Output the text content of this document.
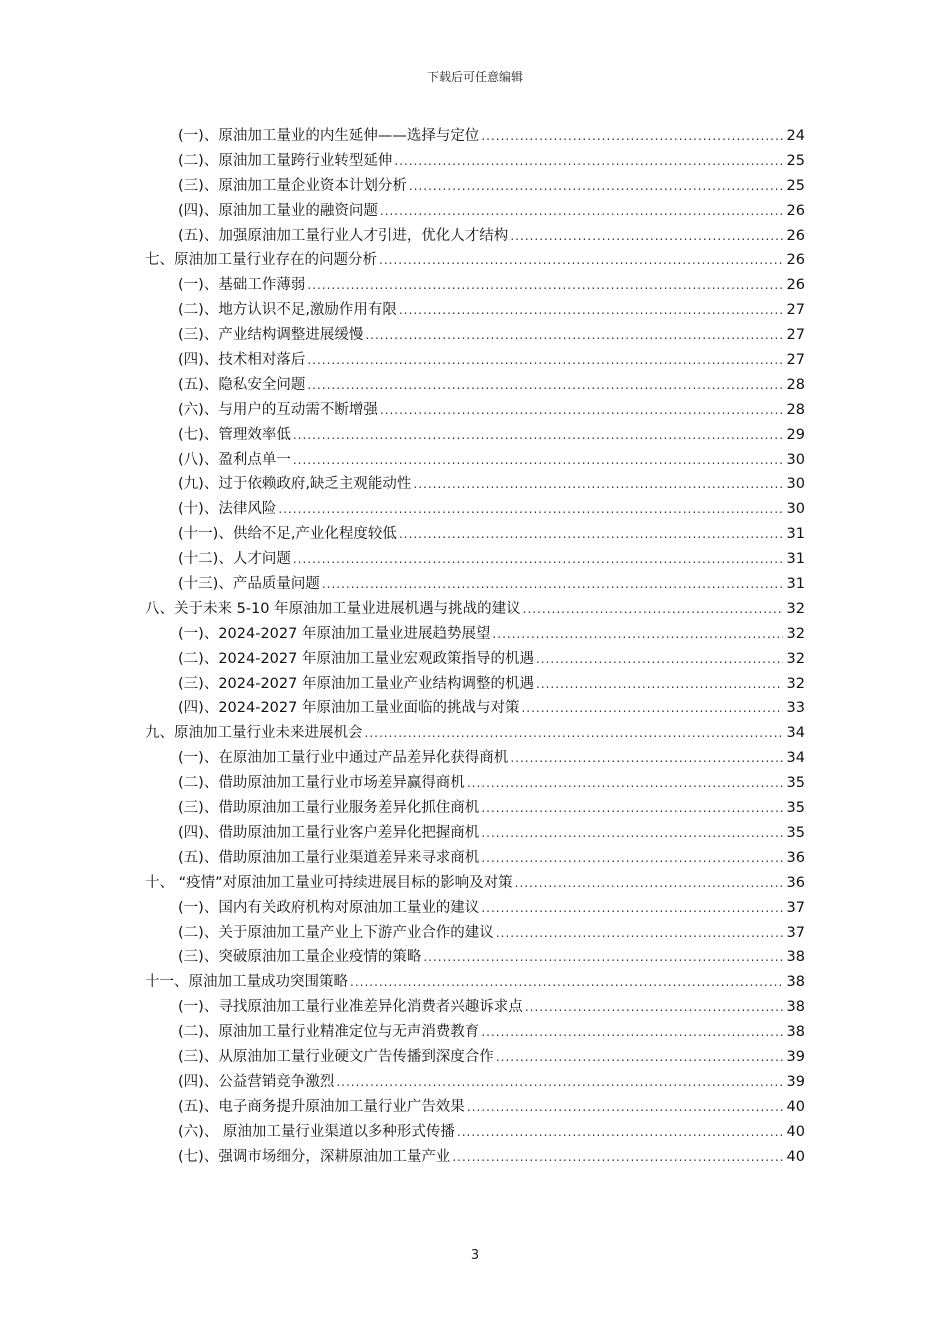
下载后可任意编辑
(一)、原油加工量业的内生延伸——选择与定位 .....	24
(二)、原油加工量跨行业转型延伸 .....	25
(三)、原油加工量企业资本计划分析 .....	25
(四)、原油加工量业的融资问题 .....	26
(五)、加强原油加工量行业人才引进，优化人才结构 .....	26
七、原油加工量行业存在的问题分析 .....	26
(一)、基础工作薄弱 .....	26
(二)、地方认识不足,激励作用有限 .....	27
(三)、产业结构调整进展缓慢 .....	27
(四)、技术相对落后 .....	27
(五)、隐私安全问题 .....	28
(六)、与用户的互动需不断增强 .....	28
(七)、管理效率低 .....	29
(八)、盈利点单一 .....	30
(九)、过于依赖政府,缺乏主观能动性 .....	30
(十)、法律风险 .....	30
(十一)、供给不足,产业化程度较低 .....	31
(十二)、人才问题 .....	31
(十三)、产品质量问题 .....	31
八、关于未来 5-10 年原油加工量业进展机遇与挑战的建议 .....	32
(一)、2024-2027 年原油加工量业进展趋势展望 .....	32
(二)、2024-2027 年原油加工量业宏观政策指导的机遇 .....	32
(三)、2024-2027 年原油加工量业产业结构调整的机遇 .....	32
(四)、2024-2027 年原油加工量业面临的挑战与对策 .....	33
九、原油加工量行业未来进展机会 .....	34
(一)、在原油加工量行业中通过产品差异化获得商机 .....	34
(二)、借助原油加工量行业市场差异赢得商机 .....	35
(三)、借助原油加工量行业服务差异化抓住商机 .....	35
(四)、借助原油加工量行业客户差异化把握商机 .....	35
(五)、借助原油加工量行业渠道差异来寻求商机 .....	36
十、 “疫情”对原油加工量业可持续进展目标的影响及对策 .....	36
(一)、国内有关政府机构对原油加工量业的建议 .....	37
(二)、关于原油加工量产业上下游产业合作的建议 .....	37
(三)、突破原油加工量企业疫情的策略 .....	38
十一、原油加工量成功突围策略 .....	38
(一)、寻找原油加工量行业准差异化消费者兴趣诉求点 .....	38
(二)、原油加工量行业精准定位与无声消费教育 .....	38
(三)、从原油加工量行业硬文广告传播到深度合作 .....	39
(四)、公益营销竞争激烈 .....	39
(五)、电子商务提升原油加工量行业广告效果 .....	40
(六)、 原油加工量行业渠道以多种形式传播 .....	40
(七)、强调市场细分，深耕原油加工量产业 .....	40
3
